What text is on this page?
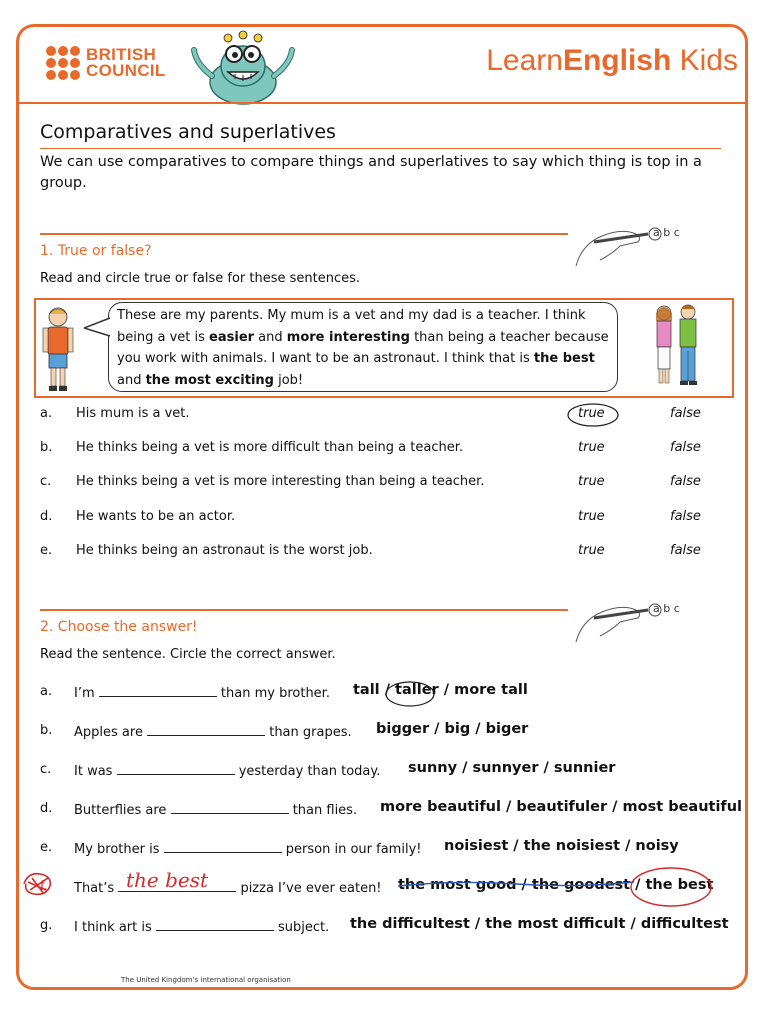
BRITISH
COUNCIL	LearnEnglish Kids
Comparatives and superlatives
We can use comparatives to compare things and superlatives to say which thing is top in a group.
a b c
1. True or false?
Read and circle true or false for these sentences.
These are my parents. My mum is a vet and my dad is a teacher. I think being a vet is easier and more interesting than being a teacher because you work with animals. I want to be an astronaut. I think that is the best and the most exciting job!
a. His mum is a vet.	true	false
b. He thinks being a vet is more difficult than being a teacher.	true	false
c. He thinks being a vet is more interesting than being a teacher.	true	false
d. He wants to be an actor.	true	false
e. He thinks being an astronaut is the worst job.	true	false
a b c
2. Choose the answer!
Read the sentence. Circle the correct answer.
a. I’m	than my brother. tall / taller / more tall
b. Apples are	than grapes. bigger / big / biger
c. It was	yesterday than today. sunny / sunnyer / sunnier
d. Butterflies are	than flies. more beautiful / beautifuler / most beautiful
e. My brother is	person in our family! noisiest / the noisiest / noisy
f. That’s	pizza I’ve ever eaten! the most good / the goodest / the best
the best
g. I think art is	subject. the difficultest / the most difficult / difficultest
The United Kingdom’s international organisation
